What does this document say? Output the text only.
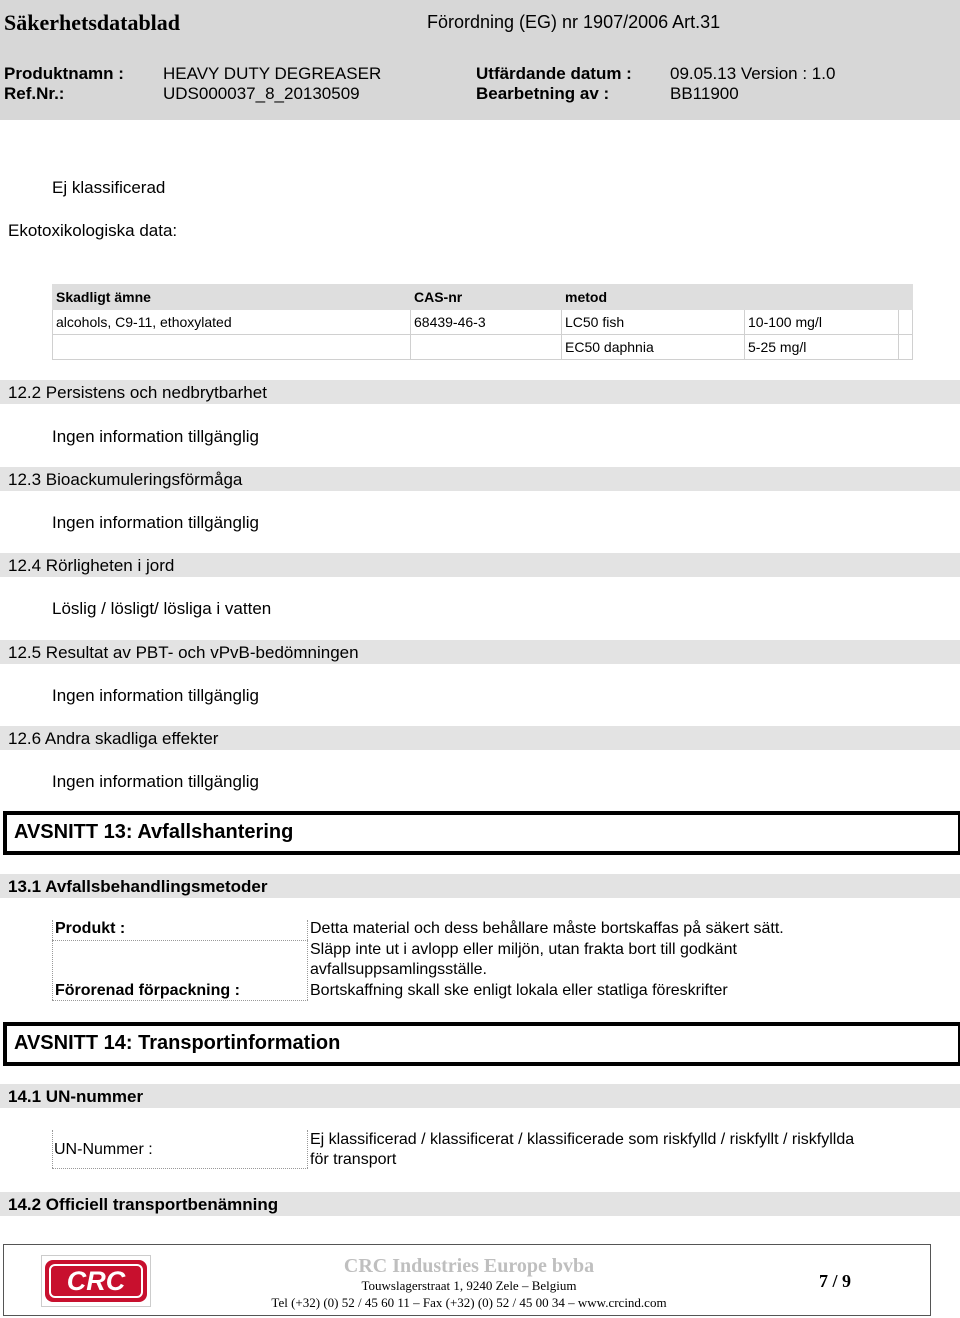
Säkerhetsdatablad	Förordning (EG) nr 1907/2006 Art.31
Produktnamn : HEAVY DUTY DEGREASER	Utfärdande datum : 09.05.13 Version : 1.0
Ref.Nr.:	UDS000037_8_20130509	Bearbetning av :	BB11900
Ej klassificerad
Ekotoxikologiska data:
Skadligt ämne	CAS-nr	metod		
alcohols, C9-11, ethoxylated	68439-46-3	LC50 fish	10-100 mg/l	
		EC50 daphnia	5-25 mg/l	
12.2 Persistens och nedbrytbarhet
Ingen information tillgänglig
12.3 Bioackumuleringsförmåga
Ingen information tillgänglig
12.4 Rörligheten i jord
Löslig / lösligt/ lösliga i vatten
12.5 Resultat av PBT- och vPvB-bedömningen
Ingen information tillgänglig
12.6 Andra skadliga effekter
Ingen information tillgänglig
AVSNITT 13: Avfallshantering
13.1 Avfallsbehandlingsmetoder
Produkt :	Detta material och dess behållare måste bortskaffas på säkert sätt.
Släpp inte ut i avlopp eller miljön, utan frakta bort till godkänt
avfallsuppsamlingsställe.
Förorenad förpackning :	Bortskaffning skall ske enligt lokala eller statliga föreskrifter
AVSNITT 14: Transportinformation
14.1 UN-nummer
UN-Nummer :
Ej klassificerad / klassificerat / klassificerade som riskfylld / riskfyllt / riskfyllda
för transport
14.2 Officiell transportbenämning
CRC	CRC Industries Europe bvba
Touwslagerstraat 1, 9240 Zele – Belgium
Tel (+32) (0) 52 / 45 60 11 – Fax (+32) (0) 52 / 45 00 34 – www.crcind.com
7 / 9
